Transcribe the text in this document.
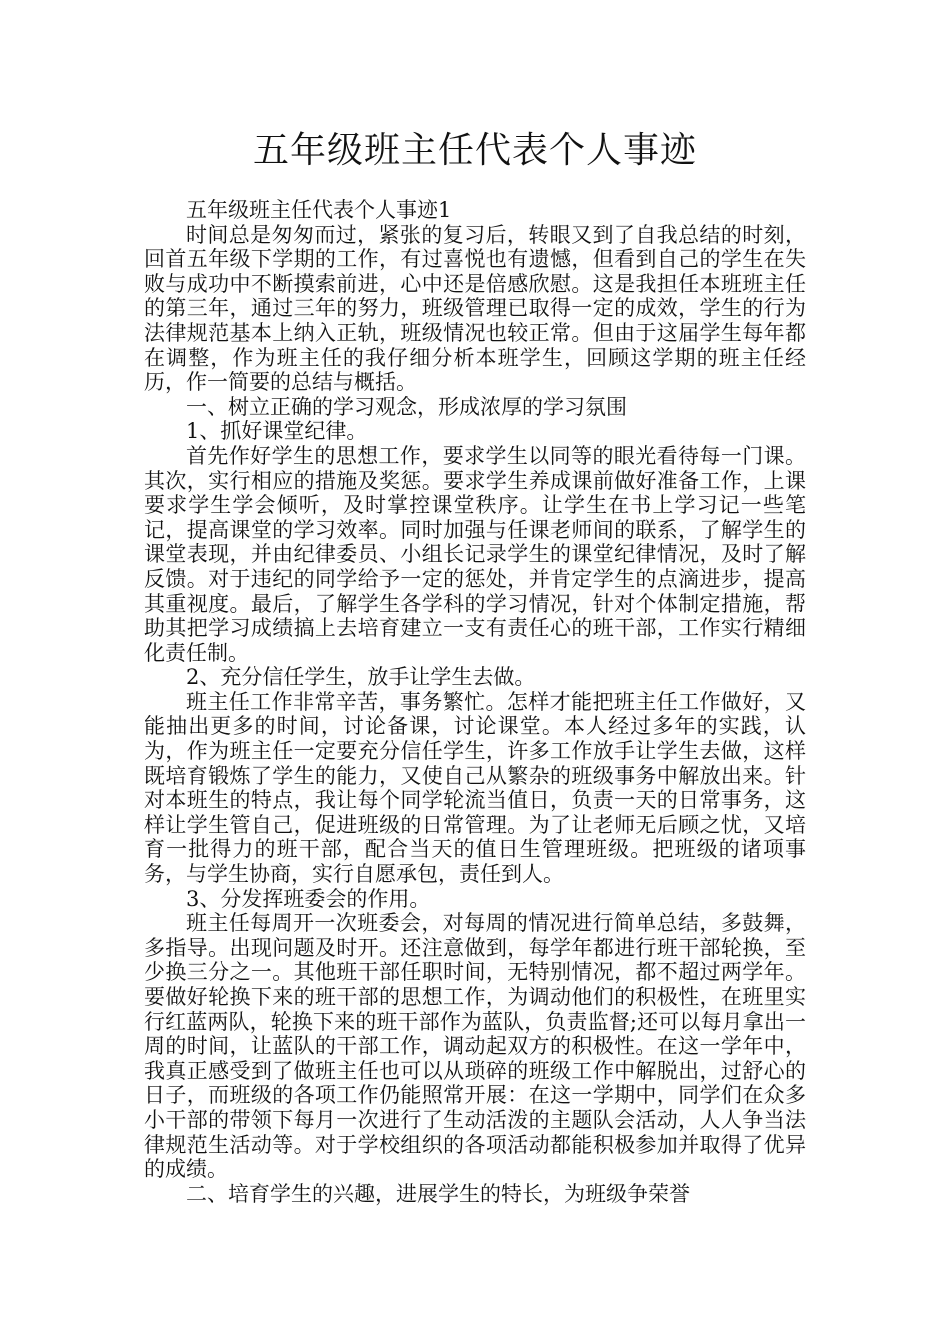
五年级班主任代表个人事迹

五年级班主任代表个人事迹1

时间总是匆匆而过，紧张的复习后，转眼又到了自我总结的时刻，回首五年级下学期的工作，有过喜悦也有遗憾，但看到自己的学生在失败与成功中不断摸索前进，心中还是倍感欣慰。这是我担任本班班主任的第三年，通过三年的努力，班级管理已取得一定的成效，学生的行为法律规范基本上纳入正轨，班级情况也较正常。但由于这届学生每年都在调整，作为班主任的我仔细分析本班学生，回顾这学期的班主任经历，作一简要的总结与概括。

一、树立正确的学习观念，形成浓厚的学习氛围

1、抓好课堂纪律。

首先作好学生的思想工作，要求学生以同等的眼光看待每一门课。其次，实行相应的措施及奖惩。要求学生养成课前做好准备工作，上课要求学生学会倾听，及时掌控课堂秩序。让学生在书上学习记一些笔记，提高课堂的学习效率。同时加强与任课老师间的联系，了解学生的课堂表现，并由纪律委员、小组长记录学生的课堂纪律情况，及时了解反馈。对于违纪的同学给予一定的惩处，并肯定学生的点滴进步，提高其重视度。最后，了解学生各学科的学习情况，针对个体制定措施，帮助其把学习成绩搞上去培育建立一支有责任心的班干部，工作实行精细化责任制。

2、充分信任学生，放手让学生去做。

班主任工作非常辛苦，事务繁忙。怎样才能把班主任工作做好，又能抽出更多的时间，讨论备课，讨论课堂。本人经过多年的实践，认为，作为班主任一定要充分信任学生，许多工作放手让学生去做，这样既培育锻炼了学生的能力，又使自己从繁杂的班级事务中解放出来。针对本班生的特点，我让每个同学轮流当值日，负责一天的日常事务，这样让学生管自己，促进班级的日常管理。为了让老师无后顾之忧，又培育一批得力的班干部，配合当天的值日生管理班级。把班级的诸项事务，与学生协商，实行自愿承包，责任到人。

3、分发挥班委会的作用。

班主任每周开一次班委会，对每周的情况进行简单总结，多鼓舞，多指导。出现问题及时开。还注意做到，每学年都进行班干部轮换，至少换三分之一。其他班干部任职时间，无特别情况，都不超过两学年。要做好轮换下来的班干部的思想工作，为调动他们的积极性，在班里实行红蓝两队，轮换下来的班干部作为蓝队，负责监督;还可以每月拿出一周的时间，让蓝队的干部工作，调动起双方的积极性。在这一学年中，我真正感受到了做班主任也可以从琐碎的班级工作中解脱出，过舒心的日子，而班级的各项工作仍能照常开展：在这一学期中，同学们在众多小干部的带领下每月一次进行了生动活泼的主题队会活动，人人争当法律规范生活动等。对于学校组织的各项活动都能积极参加并取得了优异的成绩。

二、培育学生的兴趣，进展学生的特长，为班级争荣誉
